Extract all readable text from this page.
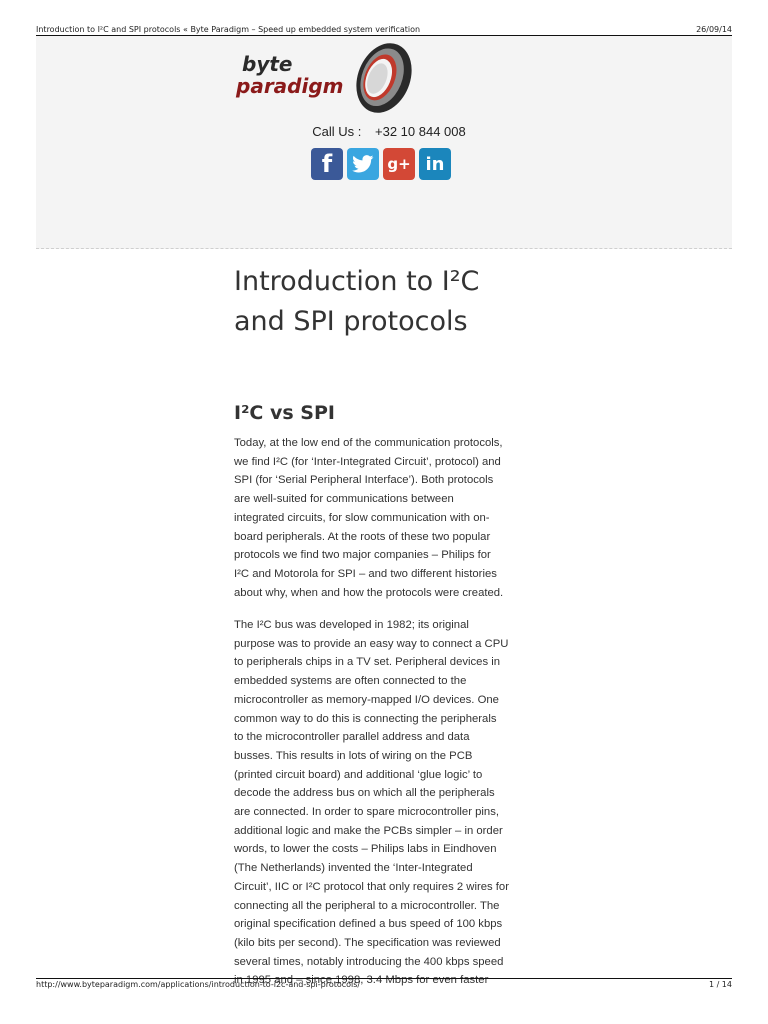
Introduction to I²C and SPI protocols « Byte Paradigm – Speed up embedded system verification	26/09/14
byte
paradigm
Call Us : +32 10 844 008
f	g+ in
Introduction to I²C
and SPI protocols
I²C vs SPI
Today, at the low end of the communication protocols,
we find I²C (for ‘Inter-Integrated Circuit’, protocol) and
SPI (for ‘Serial Peripheral Interface’). Both protocols
are well-suited for communications between
integrated circuits, for slow communication with on-
board peripherals. At the roots of these two popular
protocols we find two major companies – Philips for
I²C and Motorola for SPI – and two different histories
about why, when and how the protocols were created.
The I²C bus was developed in 1982; its original
purpose was to provide an easy way to connect a CPU
to peripherals chips in a TV set. Peripheral devices in
embedded systems are often connected to the
microcontroller as memory-mapped I/O devices. One
common way to do this is connecting the peripherals
to the microcontroller parallel address and data
busses. This results in lots of wiring on the PCB
(printed circuit board) and additional ‘glue logic’ to
decode the address bus on which all the peripherals
are connected. In order to spare microcontroller pins,
additional logic and make the PCBs simpler – in order
words, to lower the costs – Philips labs in Eindhoven
(The Netherlands) invented the ‘Inter-Integrated
Circuit’, IIC or I²C protocol that only requires 2 wires for
connecting all the peripheral to a microcontroller. The
original specification defined a bus speed of 100 kbps
(kilo bits per second). The specification was reviewed
several times, notably introducing the 400 kbps speed
in 1995 and – since 1998, 3.4 Mbps for even faster
http://www.byteparadigm.com/applications/introduction-to-i2c-and-spi-protocols/	1 / 14
